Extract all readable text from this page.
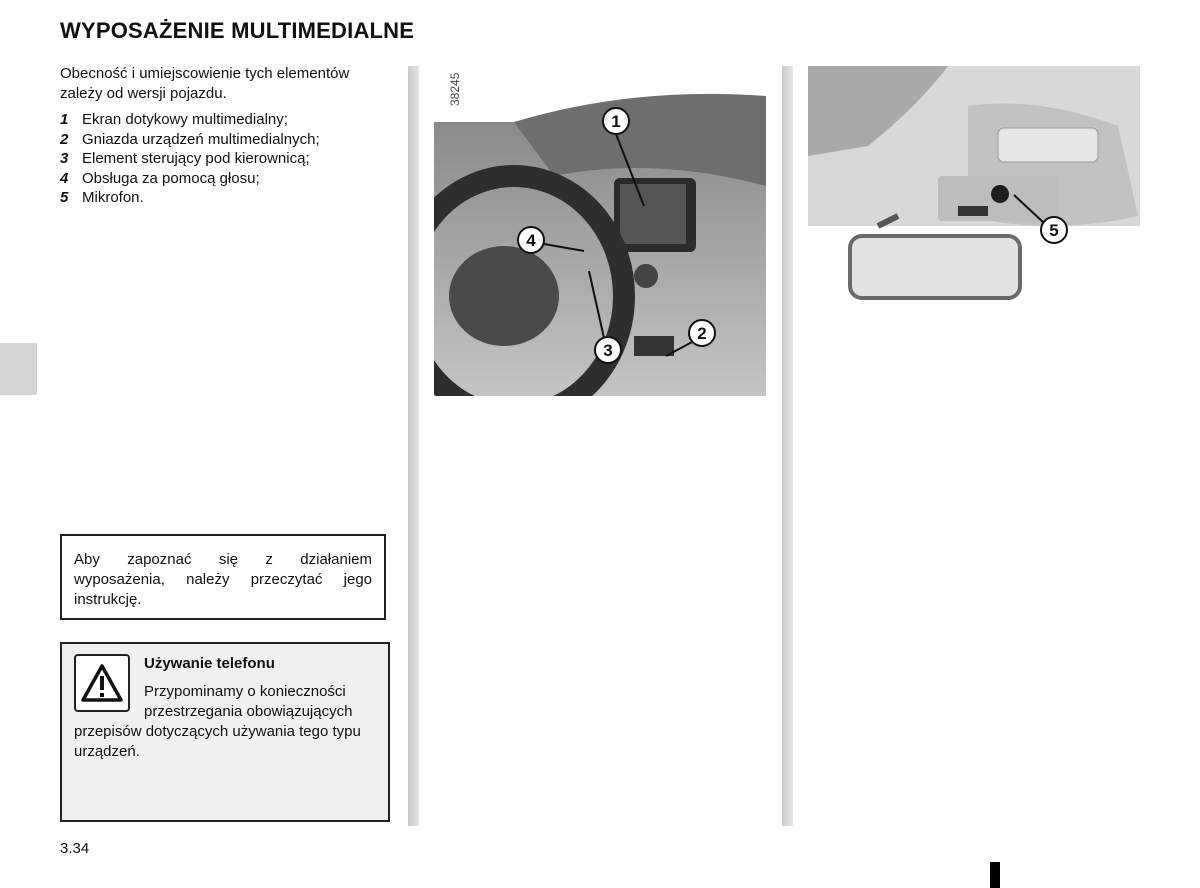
WYPOSAŻENIE MULTIMEDIALNE

Obecność i umiejscowienie tych elementów zależy od wersji pojazdu.

1 Ekran dotykowy multimedialny;
2 Gniazda urządzeń multimedialnych;
3 Element sterujący pod kierownicą;
4 Obsługa za pomocą głosu;
5 Mikrofon.
Aby zapoznać się z działaniem wyposażenia, należy przeczytać jego instrukcję.
Używanie telefonu
Przypominamy o konieczności przestrzegania obowiązujących przepisów dotyczących używania tego typu urządzeń.
38245
1
2
3
4
5

3.34
